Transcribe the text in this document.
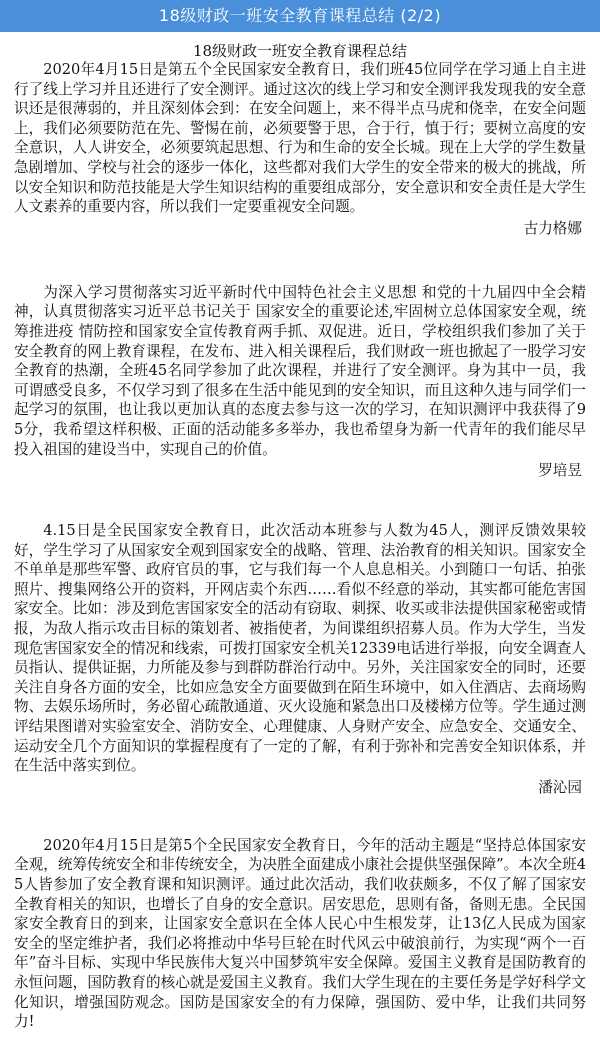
18级财政一班安全教育课程总结 (2/2)
18级财政一班安全教育课程总结

2020年4月15日是第五个全民国家安全教育日，我们班45位同学在学习通上自主进行了线上学习并且还进行了安全测评。通过这次的线上学习和安全测评我发现我的安全意识还是很薄弱的，并且深刻体会到：在安全问题上，来不得半点马虎和侥幸，在安全问题上，我们必须要防范在先、警惕在前，必须要警于思，合于行，慎于行；要树立高度的安全意识，人人讲安全，必须要筑起思想、行为和生命的安全长城。现在上大学的学生数量急剧增加、学校与社会的逐步一体化，这些都对我们大学生的安全带来的极大的挑战，所以安全知识和防范技能是大学生知识结构的重要组成部分，安全意识和安全责任是大学生人文素养的重要内容，所以我们一定要重视安全问题。

古力格娜

为深入学习贯彻落实习近平新时代中国特色社会主义思想 和党的十九届四中全会精神，认真贯彻落实习近平总书记关于 国家安全的重要论述,牢固树立总体国家安全观，统筹推进疫 情防控和国家安全宣传教育两手抓、双促进。近日，学校组织我们参加了关于安全教育的网上教育课程，在发布、进入相关课程后，我们财政一班也掀起了一股学习安全教育的热潮，全班45名同学参加了此次课程，并进行了安全测评。身为其中一员，我可谓感受良多，不仅学习到了很多在生活中能见到的安全知识，而且这种久违与同学们一起学习的氛围，也让我以更加认真的态度去参与这一次的学习，在知识测评中我获得了95分，我希望这样积极、正面的活动能多多举办，我也希望身为新一代青年的我们能尽早投入祖国的建设当中，实现自己的价值。

罗培昱

4.15日是全民国家安全教育日，此次活动本班参与人数为45人，测评反馈效果较好，学生学习了从国家安全观到国家安全的战略、管理、法治教育的相关知识。国家安全不单单是那些军警、政府官员的事，它与我们每一个人息息相关。小到随口一句话、拍张照片、搜集网络公开的资料，开网店卖个东西……看似不经意的举动，其实都可能危害国家安全。比如：涉及到危害国家安全的活动有窃取、刺探、收买或非法提供国家秘密或情报，为敌人指示攻击目标的策划者、被指使者，为间谍组织招募人员。作为大学生，当发现危害国家安全的情况和线索，可拨打国家安全机关12339电话进行举报，向安全调查人员指认、提供证据，力所能及参与到群防群治行动中。另外，关注国家安全的同时，还要关注自身各方面的安全，比如应急安全方面要做到在陌生环境中，如入住酒店、去商场购物、去娱乐场所时，务必留心疏散通道、灭火设施和紧急出口及楼梯方位等。学生通过测评结果图谱对实验室安全、消防安全、心理健康、人身财产安全、应急安全、交通安全、运动安全几个方面知识的掌握程度有了一定的了解，有利于弥补和完善安全知识体系，并在生活中落实到位。

潘沁园

2020年4月15日是第5个全民国家安全教育日，今年的活动主题是“坚持总体国家安全观，统筹传统安全和非传统安全，为决胜全面建成小康社会提供坚强保障”。本次全班45人皆参加了安全教育课和知识测评。通过此次活动，我们收获颇多，不仅了解了国家安全教育相关的知识，也增长了自身的安全意识。居安思危，思则有备，备则无患。全民国家安全教育日的到来，让国家安全意识在全体人民心中生根发芽，让13亿人民成为国家安全的坚定维护者，我们必将推动中华号巨轮在时代风云中破浪前行，为实现“两个一百年”奋斗目标、实现中华民族伟大复兴中国梦筑牢安全保障。爱国主义教育是国防教育的永恒问题，国防教育的核心就是爱国主义教育。我们大学生现在的主要任务是学好科学文化知识，增强国防观念。国防是国家安全的有力保障，强国防、爱中华，让我们共同努力!
